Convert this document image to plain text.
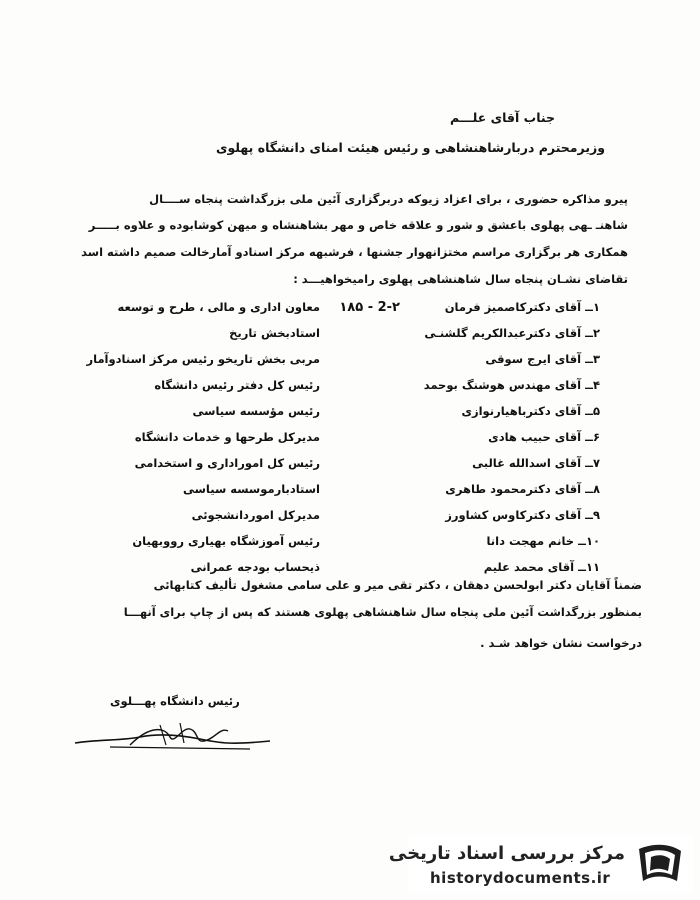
جناب آقای علـــم
وزیرمحترم دربارشاهنشاهی و رئیس هیئت امنای دانشگاه پهلوی
پیرو مذاکره حضوری ، برای اعزاد زیوکه دربرگزاری آئین ملی بزرگداشت پنجاه ســــال
شاهنـ ـهی پهلوی باعشق و شور و علاقه خاص و مهر بشاهنشاه و میهن کوشابوده و علاوه بـــــر
همکاری هر برگزاری مراسم مختزانهوار جشنها ، فرشبهه مرکز اسنادو آمارخالت صمیم داشته اسد
تقاضای نشـان پنجاه سال شاهنشاهی پهلوی رامیخواهیـــد :
۱ــ آقای دکترکاصمیز فرمان
۱۸۵ - 2-۲
معاون اداری و مالی ، طرح و توسعه
۲ــ آقای دکترعبدالکریم گلشنـی
استادبخش تاریخ
۳ــ آقای ایرج سوقی
مربی بخش تاریخو رئیس مرکز اسنادوآمار
۴ــ آقای مهندس هوشنگ بوحمد
رئیس کل دفتر رئیس دانشگاه
۵ــ آقای دکترباهیارنوازی
رئیس مؤسسه سیاسی
۶ــ آقای حبیب هادی
مدیرکل طرحها و خدمات دانشگاه
۷ــ آقای اسدالله غالبی
رئیس کل اموراداری و استخدامی
۸ــ آقای دکترمحمود طاهری
استادبارموسسه سیاسی
۹ــ آقای دکترکاوس کشاورز
مدیرکل اموردانشجوئی
۱۰ــ خانم مهجت دانا
رئیس آموزشگاه بهیاری رووبهیان
۱۱ــ آقای محمد علیم
ذیحساب بودجه عمرانی
ضمناً آقایان دکتر ابولحسن دهقان ، دکتر تقی میر و علی سامی مشغول تألیف کتابهائی
بمنظور بزرگداشت آئین ملی پنجاه سال شاهنشاهی پهلوی هستند که پس از چاپ برای آنهـــا
درخواست نشان خواهد شـد .
رئیس دانشگاه پهـــلوی
مرکز بررسی اسناد تاریخی
historydocuments.ir
